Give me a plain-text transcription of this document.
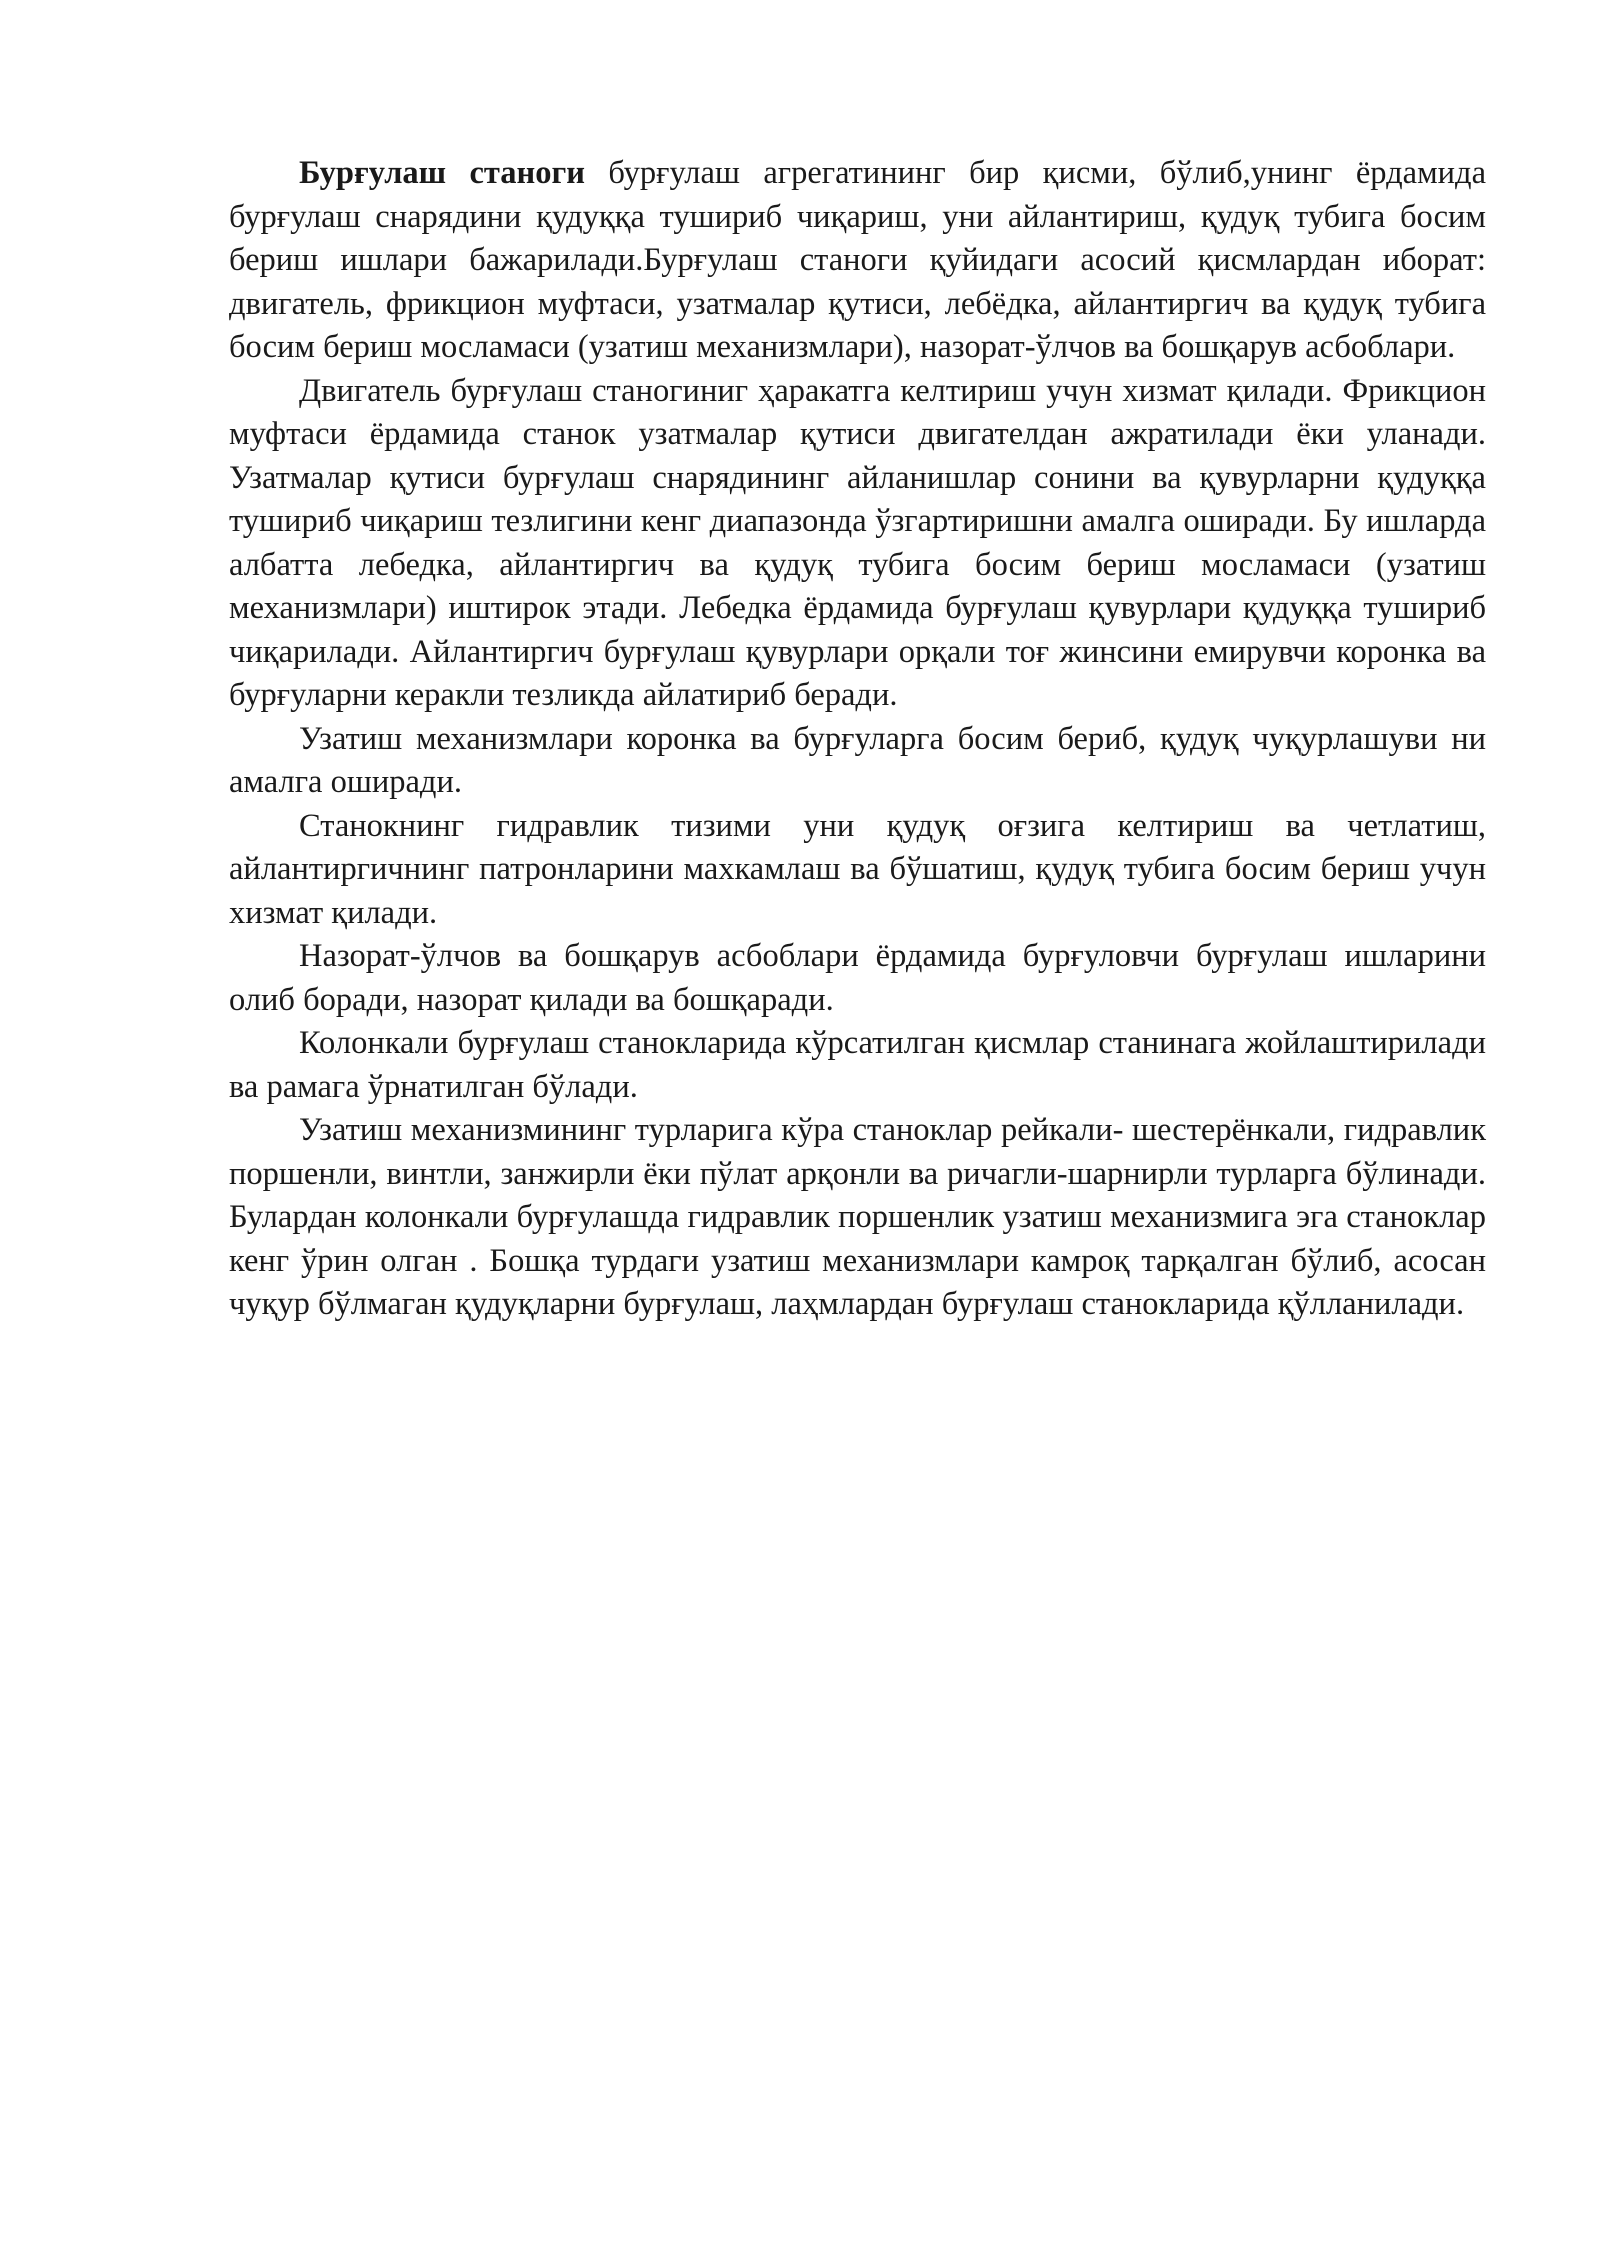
Бурғулаш станоги бурғулаш агрегатининг бир қисми, бўлиб,унинг ёрдамида бурғулаш снарядини қудуққа тушириб чиқариш, уни айлантириш, қудуқ тубига босим бериш ишлари бажарилади.Бурғулаш станоги қуйидаги асосий қисмлардан иборат: двигатель, фрикцион муфтаси, узатмалар қутиси, лебёдка, айлантиргич ва қудуқ тубига босим бериш мосламаси (узатиш механизмлари), назорат-ўлчов ва бошқарув асбоблари.

Двигатель бурғулаш станогиниг ҳаракатга келтириш учун хизмат қилади. Фрикцион муфтаси ёрдамида станок узатмалар қутиси двигателдан ажратилади ёки уланади. Узатмалар қутиси бурғулаш снарядининг айланишлар сонини ва қувурларни қудуққа тушириб чиқариш тезлигини кенг диапазонда ўзгартиришни амалга оширади. Бу ишларда албатта лебедка, айлантиргич ва қудуқ тубига босим бериш мосламаси (узатиш механизмлари) иштирок этади. Лебедка ёрдамида бурғулаш қувурлари қудуққа тушириб чиқарилади. Айлантиргич бурғулаш қувурлари орқали тоғ жинсини емирувчи коронка ва бурғуларни керакли тезликда айлатириб беради.

Узатиш механизмлари коронка ва бурғуларга босим бериб, қудуқ чуқурлашуви ни амалга оширади.

Станокнинг гидравлик тизими уни қудуқ оғзига келтириш ва четлатиш, айлантиргичнинг патронларини махкамлаш ва бўшатиш, қудуқ тубига босим бериш учун хизмат қилади.

Назорат-ўлчов ва бошқарув асбоблари ёрдамида бурғуловчи бурғулаш ишларини олиб боради, назорат қилади ва бошқаради.

Колонкали бурғулаш станокларида кўрсатилган қисмлар станинага жойлаштирилади ва рамага ўрнатилган бўлади.

Узатиш механизмининг турларига кўра станоклар рейкали- шестерёнкали, гидравлик поршенли, винтли, занжирли ёки пўлат арқонли ва ричагли-шарнирли турларга бўлинади. Булардан колонкали бурғулашда гидравлик поршенлик узатиш механизмига эга станоклар кенг ўрин олган . Бошқа турдаги узатиш механизмлари камроқ тарқалган бўлиб, асосан чуқур бўлмаган қудуқларни бурғулаш, лаҳмлардан бурғулаш станокларида қўлланилади.
